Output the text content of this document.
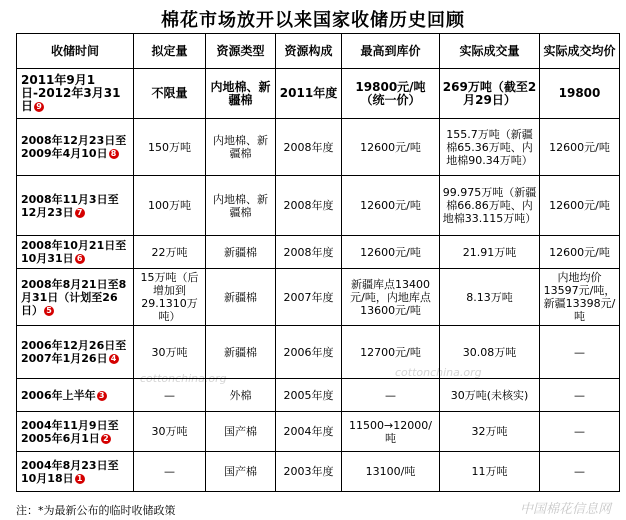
棉花市场放开以来国家收储历史回顾
cottonchina.org	cottonchina.org
中国棉花信息网
收储时间	拟定量	资源类型	资源构成	最高到库价	实际成交量	实际成交均价
2011年9月1日-2012年3月31日 9	不限量	内地棉、新疆棉	2011年度	19800元/吨（统一价）	269万吨（截至2月29日）	19800
2008年12月23日至2009年4月10日 8	150万吨	内地棉、新疆棉	2008年度	12600元/吨	155.7万吨（新疆棉65.36万吨、内地棉90.34万吨）	12600元/吨
2008年11月3日至12月23日 7	100万吨	内地棉、新疆棉	2008年度	12600元/吨	99.975万吨（新疆棉66.86万吨、内地棉33.115万吨）	12600元/吨
2008年10月21日至10月31日 6	22万吨	新疆棉	2008年度	12600元/吨	21.91万吨	12600元/吨
2008年8月21日至8月31日（计划至26日） 5	15万吨（后增加到29.1310万吨）	新疆棉	2007年度	新疆库点13400元/吨，内地库点13600元/吨	8.13万吨	内地均价13597元/吨，新疆13398元/吨
2006年12月26日至2007年1月26日 4	30万吨	新疆棉	2006年度	12700元/吨	30.08万吨	—
2006年上半年 3	—	外棉	2005年度	—	30万吨(未核实)	—
2004年11月9日至2005年6月1日 2	30万吨	国产棉	2004年度	11500→12000/吨	32万吨	—
2004年8月23日至10月18日 1	—	国产棉	2003年度	13100/吨	11万吨	—
注：*为最新公布的临时收储政策
